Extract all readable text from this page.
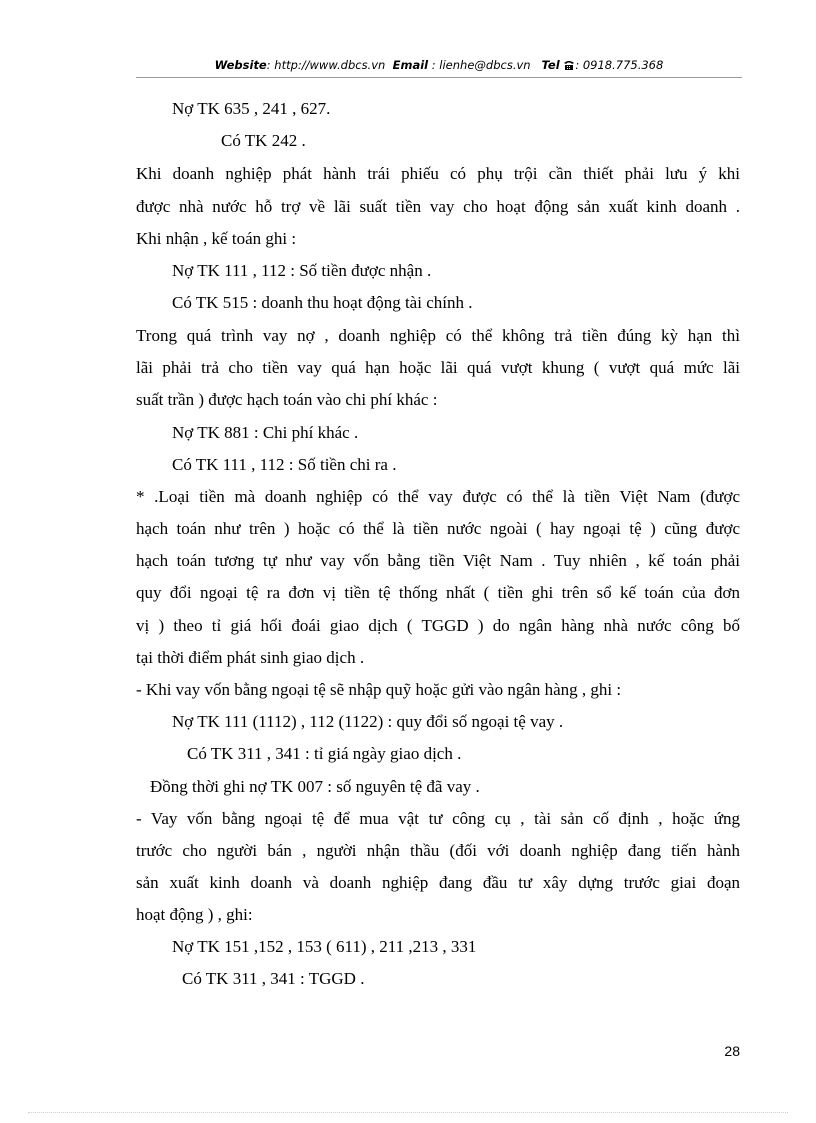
Website: http://www.dbcs.vn Email : lienhe@dbcs.vn Tel : 0918.775.368
Nợ TK 635 , 241 , 627.
Có TK 242 .
Khi doanh nghiệp phát hành trái phiếu có phụ trội cần thiết phải lưu ý khi
được nhà nước hỗ trợ về lãi suất tiền vay cho hoạt động sản xuất kinh doanh .
Khi nhận , kế toán ghi :
Nợ TK 111 , 112 : Số tiền được nhận .
Có TK 515 : doanh thu hoạt động tài chính .
Trong quá trình vay nợ , doanh nghiệp có thể không trả tiền đúng kỳ hạn thì
lãi phải trả cho tiền vay quá hạn hoặc lãi quá vượt khung ( vượt quá mức lãi
suất trần ) được hạch toán vào chi phí khác :
Nợ TK 881 : Chi phí khác .
Có TK 111 , 112 : Số tiền chi ra .
* .Loại tiền mà doanh nghiệp có thể vay được có thể là tiền Việt Nam (được
hạch toán như trên ) hoặc có thể là tiền nước ngoài ( hay ngoại tệ ) cũng được
hạch toán tương tự như vay vốn bằng tiền Việt Nam . Tuy nhiên , kế toán phải
quy đổi ngoại tệ ra đơn vị tiền tệ thống nhất ( tiền ghi trên sổ kế toán của đơn
vị ) theo tỉ giá hối đoái giao dịch ( TGGD ) do ngân hàng nhà nước công bố
tại thời điểm phát sinh giao dịch .
- Khi vay vốn bằng ngoại tệ sẽ nhập quỹ hoặc gửi vào ngân hàng , ghi :
Nợ TK 111 (1112) , 112 (1122) : quy đổi số ngoại tệ vay .
Có TK 311 , 341 : tỉ giá ngày giao dịch .
Đồng thời ghi nợ TK 007 : số nguyên tệ đã vay .
- Vay vốn bằng ngoại tệ để mua vật tư công cụ , tài sản cố định , hoặc ứng
trước cho người bán , người nhận thầu (đối với doanh nghiệp đang tiến hành
sản xuất kinh doanh và doanh nghiệp đang đầu tư xây dựng trước giai đoạn
hoạt động ) , ghi:
Nợ TK 151 ,152 , 153 ( 611) , 211 ,213 , 331
Có TK 311 , 341 : TGGD .
28
